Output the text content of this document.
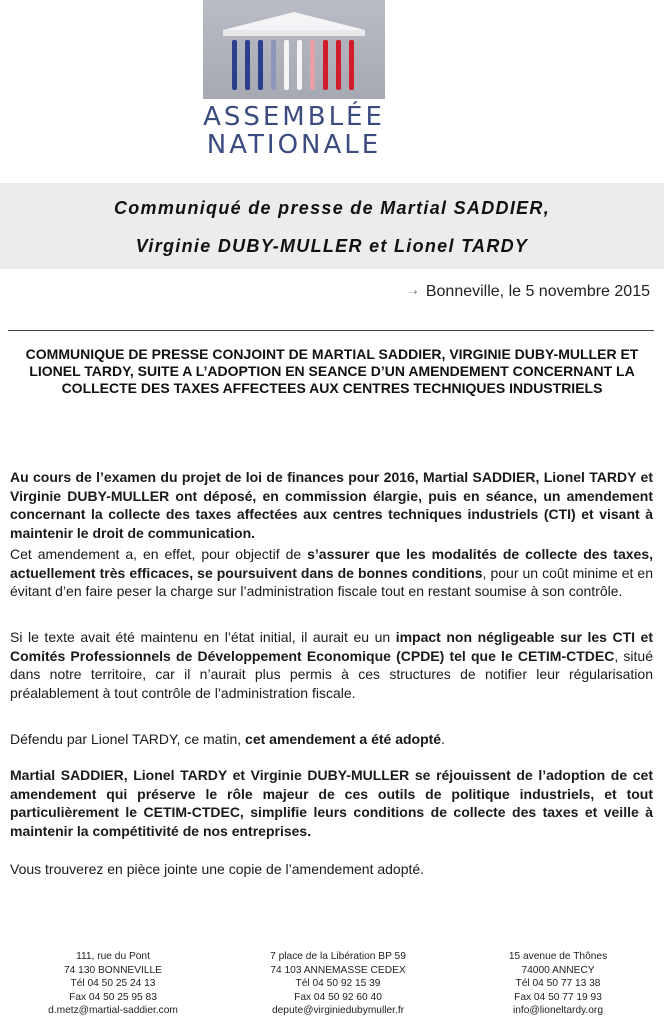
ASSEMBLÉE
NATIONALE
Communiqué de presse de Martial SADDIER,
Virginie DUBY-MULLER et Lionel TARDY
➝ Bonneville, le 5 novembre 2015
COMMUNIQUE DE PRESSE CONJOINT DE MARTIAL SADDIER, VIRGINIE DUBY-MULLER ET LIONEL TARDY, SUITE A L’ADOPTION EN SEANCE D’UN AMENDEMENT CONCERNANT LA COLLECTE DES TAXES AFFECTEES AUX CENTRES TECHNIQUES INDUSTRIELS
Au cours de l’examen du projet de loi de finances pour 2016, Martial SADDIER, Lionel TARDY et Virginie DUBY-MULLER ont déposé, en commission élargie, puis en séance, un amendement concernant la collecte des taxes affectées aux centres techniques industriels (CTI) et visant à maintenir le droit de communication.
Cet amendement a, en effet, pour objectif de s’assurer que les modalités de collecte des taxes, actuellement très efficaces, se poursuivent dans de bonnes conditions, pour un coût minime et en évitant d’en faire peser la charge sur l’administration fiscale tout en restant soumise à son contrôle.
Si le texte avait été maintenu en l’état initial, il aurait eu un impact non négligeable sur les CTI et Comités Professionnels de Développement Economique (CPDE) tel que le CETIM-CTDEC, situé dans notre territoire, car il n’aurait plus permis à ces structures de notifier leur régularisation préalablement à tout contrôle de l’administration fiscale.
Défendu par Lionel TARDY, ce matin, cet amendement a été adopté.
Martial SADDIER, Lionel TARDY et Virginie DUBY-MULLER se réjouissent de l’adoption de cet amendement qui préserve le rôle majeur de ces outils de politique industriels, et tout particulièrement le CETIM-CTDEC, simplifie leurs conditions de collecte des taxes et veille à maintenir la compétitivité de nos entreprises.
Vous trouverez en pièce jointe une copie de l’amendement adopté.
111, rue du Pont
74 130 BONNEVILLE
Tél 04 50 25 24 13
Fax 04 50 25 95 83
d.metz@martial-saddier.com
7 place de la Libération BP 59
74 103 ANNEMASSE CEDEX
Tél 04 50 92 15 39
Fax 04 50 92 60 40
depute@virginiedubymuller.fr
15 avenue de Thônes
74000 ANNECY
Tél 04 50 77 13 38
Fax 04 50 77 19 93
info@lioneltardy.org
